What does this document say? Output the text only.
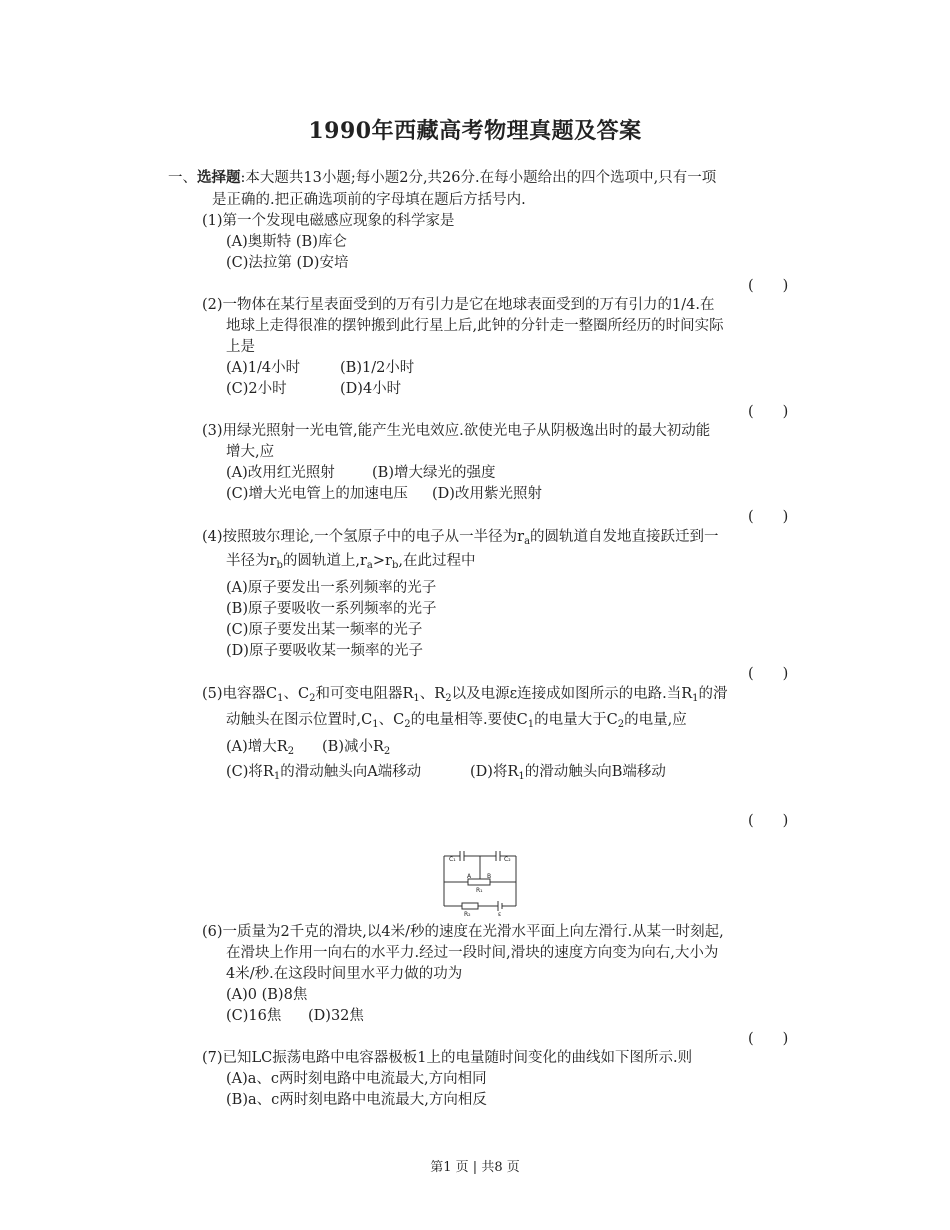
1990年西藏高考物理真题及答案
一、选择题:本大题共13小题;每小题2分,共26分.在每小题给出的四个选项中,只有一项
是正确的.把正确选项前的字母填在题后方括号内.
(1)第一个发现电磁感应现象的科学家是
(A)奥斯特 (B)库仑
(C)法拉第 (D)安培
(　　)
(2)一物体在某行星表面受到的万有引力是它在地球表面受到的万有引力的1/4.在
地球上走得很准的摆钟搬到此行星上后,此钟的分针走一整圈所经历的时间实际
上是
(A)1/4小时	(B)1/2小时
(C)2小时	(D)4小时
(　　)
(3)用绿光照射一光电管,能产生光电效应.欲使光电子从阴极逸出时的最大初动能
增大,应
(A)改用红光照射	(B)增大绿光的强度
(C)增大光电管上的加速电压 (D)改用紫光照射
(　　)
(4)按照玻尔理论,一个氢原子中的电子从一半径为$r_a$的圆轨道自发地直接跃迁到一
半径为$r_b$的圆轨道上$,r_a>r_b$,在此过程中
(A)原子要发出一系列频率的光子
(B)原子要吸收一系列频率的光子
(C)原子要发出某一频率的光子
(D)原子要吸收某一频率的光子
(　　)
(5)电容器$C_1$、$C_2$和可变电阻器$R_1$、$R_2$以及电源ε连接成如图所示的电路.当$R_1$的滑
动触头在图示位置时$,C_1$、$C_2$的电量相等.要使$C_1$的电量大于$C_2$的电量,应
(A)增大$R_2$ (B)减小$R_2$
(C)将$R_1$的滑动触头向A端移动	(D)将$R_1$的滑动触头向B端移动
(　　)
C₁	C₂
A	B
R₁
R₂	ε
(6)一质量为2千克的滑块,以4米/秒的速度在光滑水平面上向左滑行.从某一时刻起,
在滑块上作用一向右的水平力.经过一段时间,滑块的速度方向变为向右,大小为
4米/秒.在这段时间里水平力做的功为
(A)0 (B)8焦
(C)16焦 (D)32焦
(　　)
(7)已知LC振荡电路中电容器极板1上的电量随时间变化的曲线如下图所示.则
(A)a、c两时刻电路中电流最大,方向相同
(B)a、c两时刻电路中电流最大,方向相反
第1 页 | 共8 页
